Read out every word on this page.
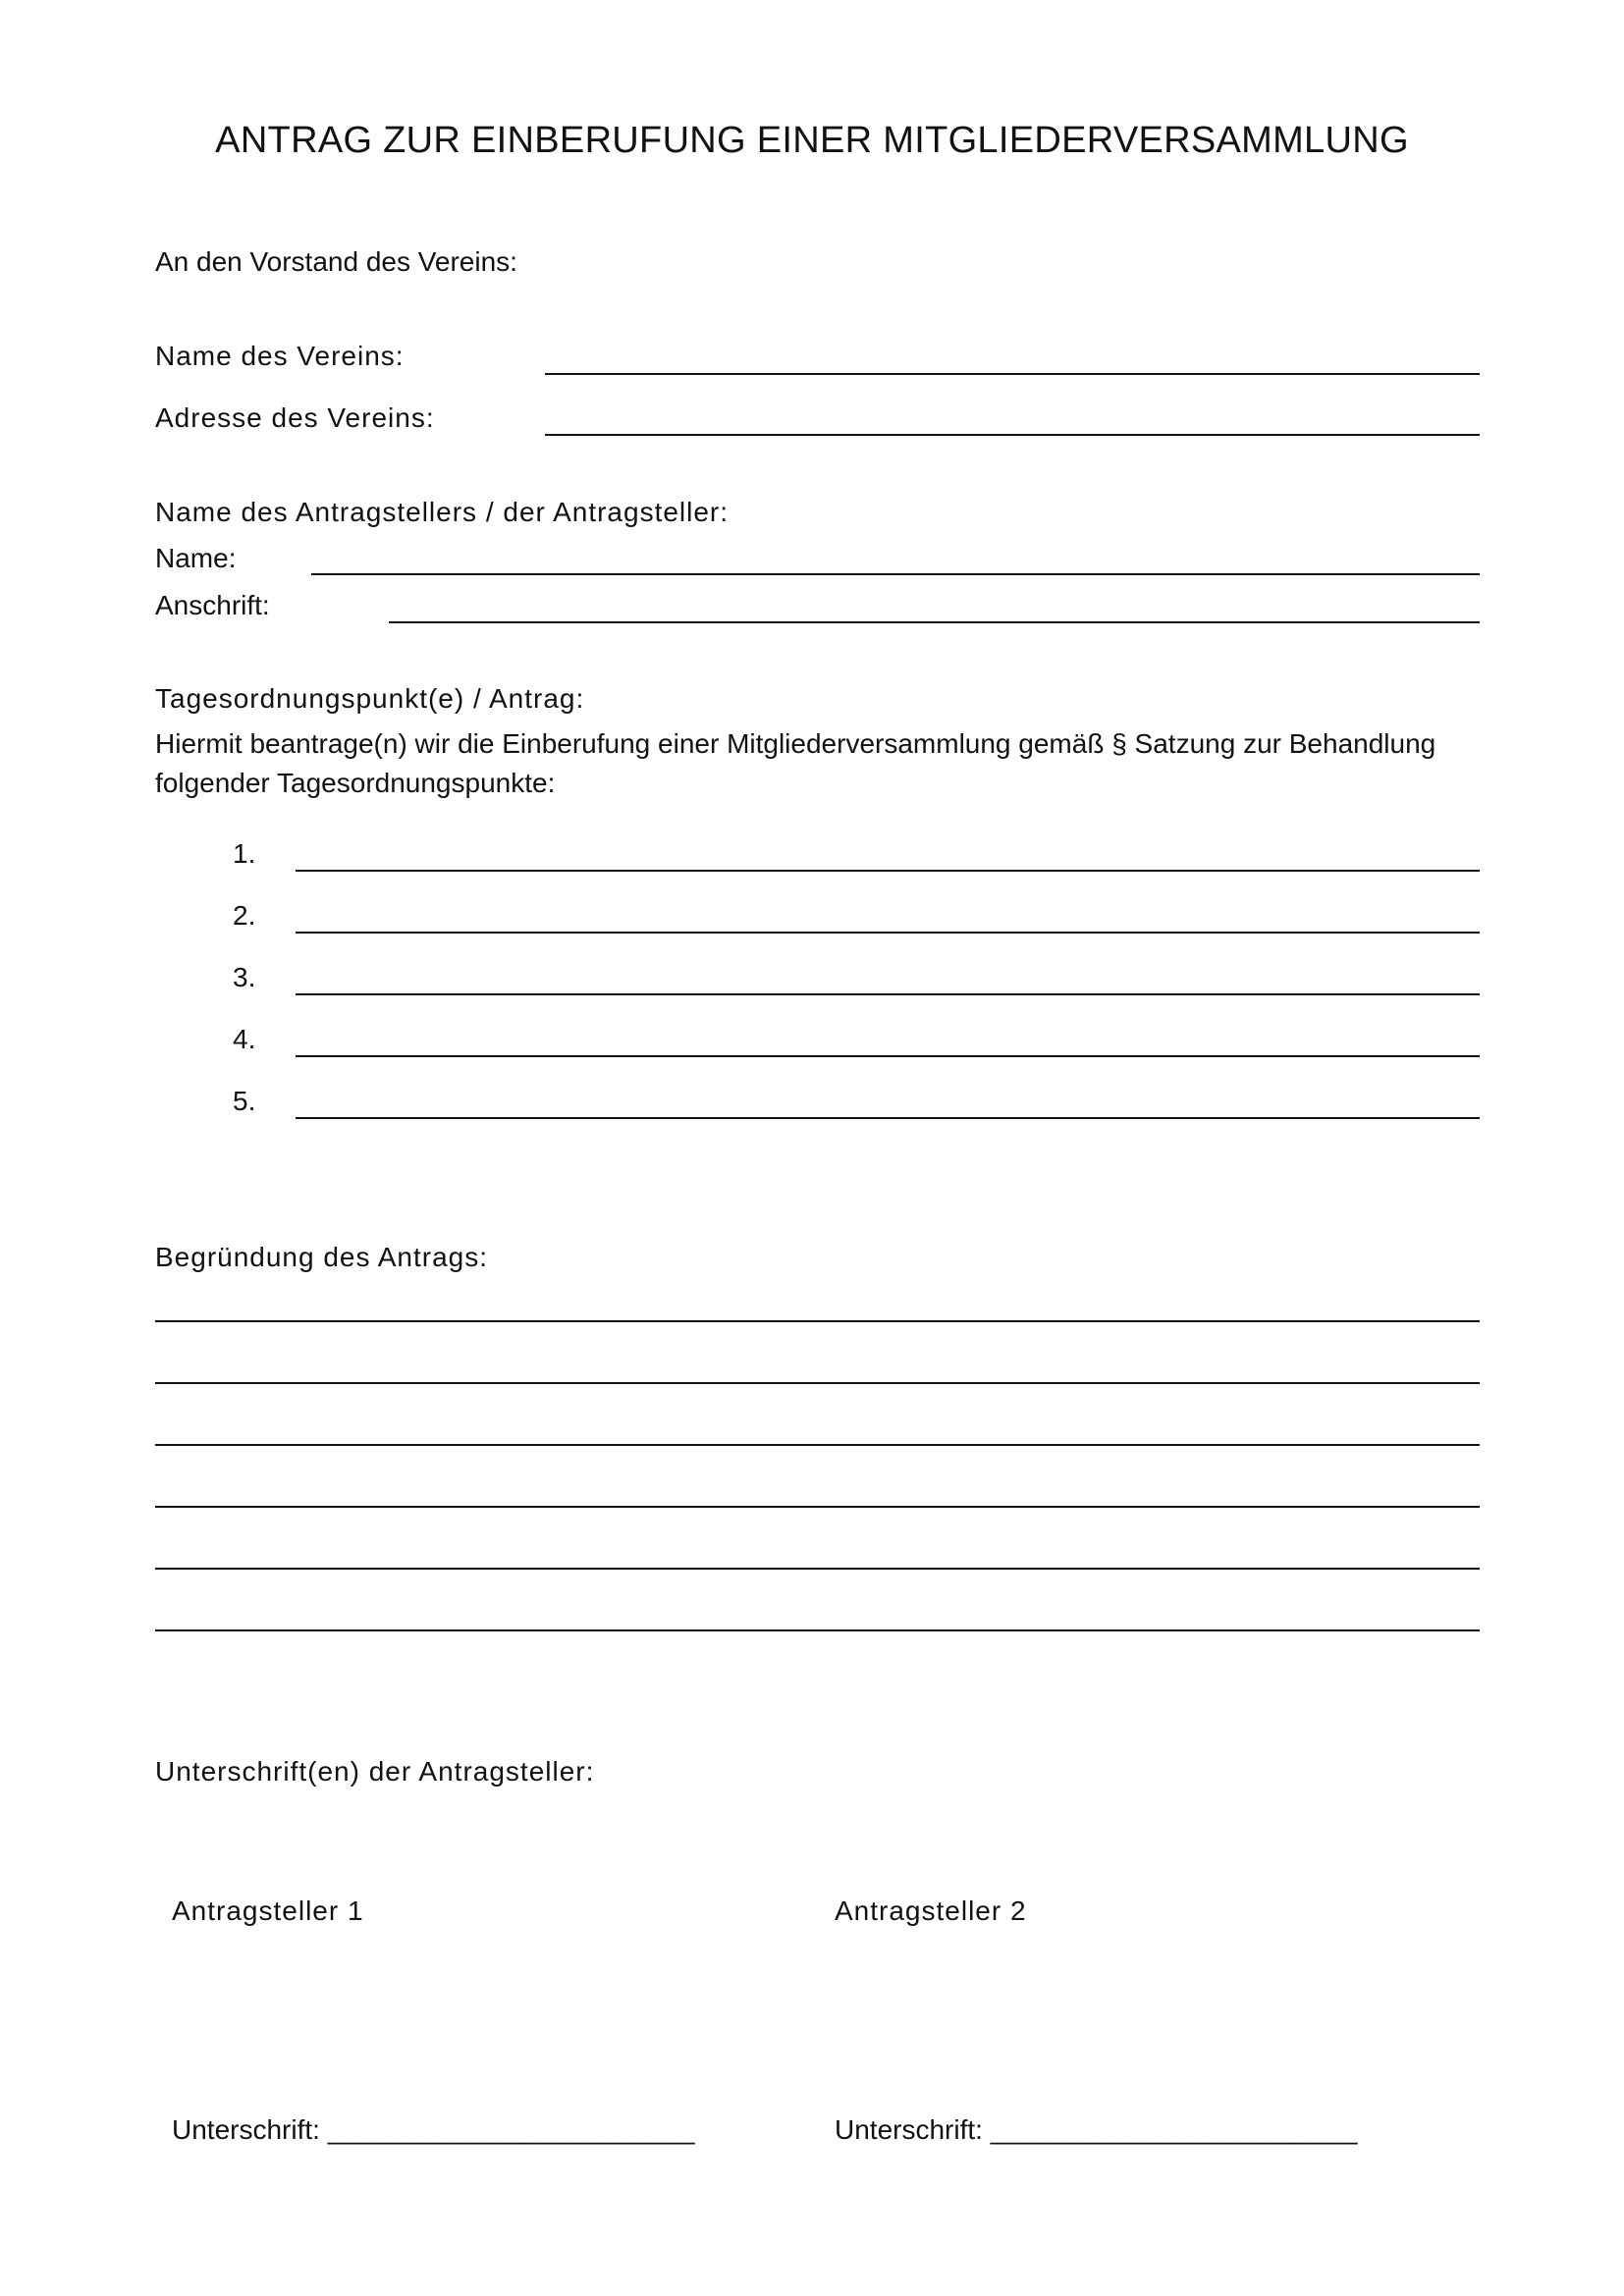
ANTRAG ZUR EINBERUFUNG EINER MITGLIEDERVERSAMMLUNG

An den Vorstand des Vereins:

Name des Vereins:

Adresse des Vereins:

Name des Antragstellers / der Antragsteller:

Name:

Anschrift:

Tagesordnungspunkt(e) / Antrag:

Hiermit beantrage(n) wir die Einberufung einer Mitgliederversammlung gemäß § Satzung zur Behandlung folgender Tagesordnungspunkte:

1.

2.

3.

4.

5.

Begründung des Antrags:

Unterschrift(en) der Antragsteller:

Antragsteller 1	Antragsteller 2

Unterschrift: ________________________	Unterschrift: ________________________
